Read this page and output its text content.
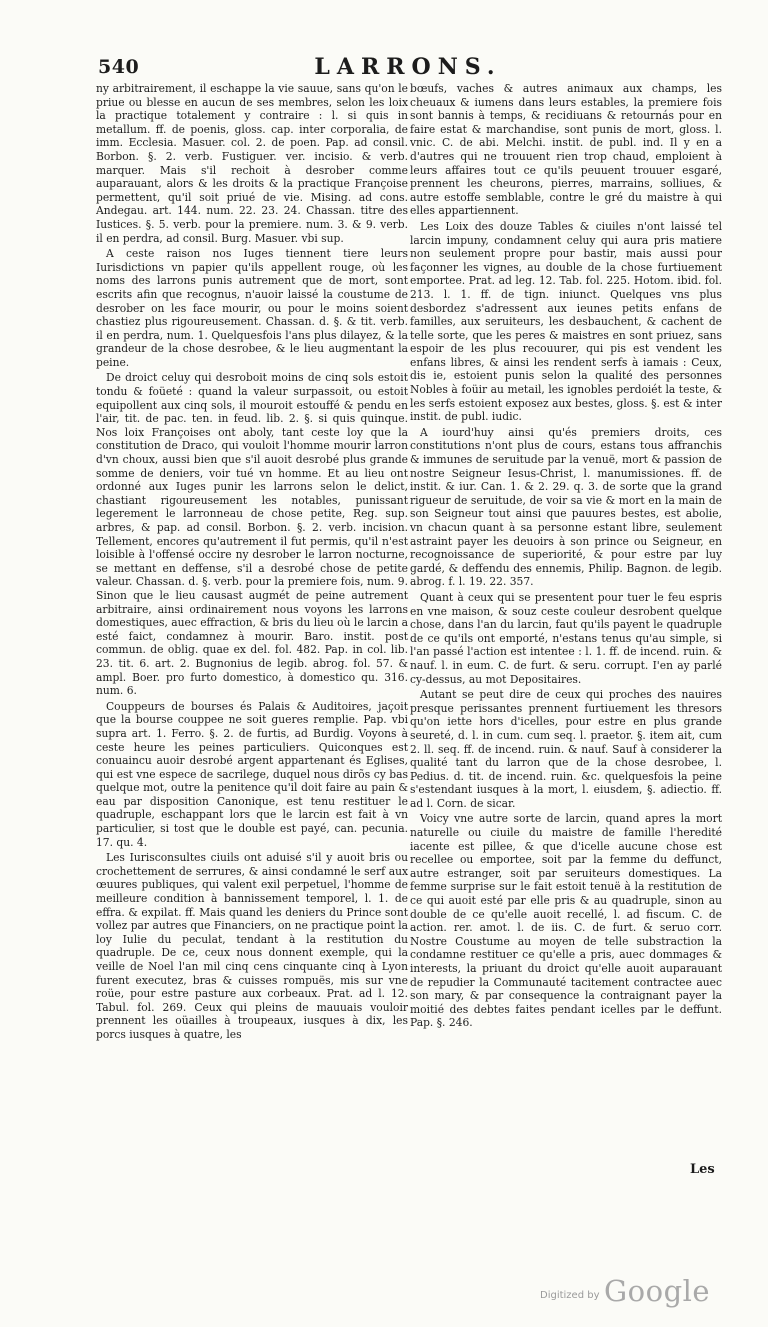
540	LARRONS.

ny arbitrairement, il eschappe la vie sauue, sans qu'on le priue ou blesse en aucun de ses membres, selon les loix la practique totalement y contraire : l. si quis in metallum. ff. de poenis, gloss. cap. inter corporalia, de imm. Ecclesia. Masuer. col. 2. de poen. Pap. ad consil. Borbon. §. 2. verb. Fustiguer. ver. incisio. & verb. marquer. Mais s'il rechoit à desrober comme auparauant, alors & les droits & la practique Françoise permettent, qu'il soit priué de vie. Mising. ad cons. Andegau. art. 144. num. 22. 23. 24. Chassan. titre des Iustices. §. 5. verb. pour la premiere. num. 3. & 9. verb. il en perdra, ad consil. Burg. Masuer. vbi sup.

A ceste raison nos Iuges tiennent tiere leurs Iurisdictions vn papier qu'ils appellent rouge, où les noms des larrons punis autrement que de mort, sont escrits afin que recognus, n'auoir laissé la coustume de desrober on les face mourir, ou pour le moins soient chastiez plus rigoureusement. Chassan. d. §. & tit. verb. il en perdra, num. 1. Quelquesfois l'ans plus dilayez, & la grandeur de la chose desrobee, & le lieu augmentant la peine.

De droict celuy qui desroboit moins de cinq sols estoit tondu & foüeté : quand la valeur surpassoit, ou estoit equipollent aux cinq sols, il mouroit estouffé & pendu en l'air, tit. de pac. ten. in feud. lib. 2. §. si quis quinque. Nos loix Françoises ont aboly, tant ceste loy que la constitution de Draco, qui vouloit l'homme mourir larron d'vn choux, aussi bien que s'il auoit desrobé plus grande somme de deniers, voir tué vn homme. Et au lieu ont ordonné aux Iuges punir les larrons selon le delict, chastiant rigoureusement les notables, punissant legerement le larronneau de chose petite, Reg. sup. arbres, & pap. ad consil. Borbon. §. 2. verb. incision. Tellement, encores qu'autrement il fut permis, qu'il n'est loisible à l'offensé occire ny desrober le larron nocturne, se mettant en deffense, s'il a desrobé chose de petite valeur. Chassan. d. §. verb. pour la premiere fois, num. 9. Sinon que le lieu causast augmét de peine autrement arbitraire, ainsi ordinairement nous voyons les larrons domestiques, auec effraction, & bris du lieu où le larcin a esté faict, condamnez à mourir. Baro. instit. post commun. de oblig. quae ex del. fol. 482. Pap. in col. lib. 23. tit. 6. art. 2. Bugnonius de legib. abrog. fol. 57. & ampl. Boer. pro furto domestico, à domestico qu. 316. num. 6.

Couppeurs de bourses és Palais & Auditoires, jaçoit que la bourse couppee ne soit gueres remplie. Pap. vbi supra art. 1. Ferro. §. 2. de furtis, ad Burdig. Voyons à ceste heure les peines particuliers. Quiconques est conuaincu auoir desrobé argent appartenant és Eglises, qui est vne espece de sacrilege, duquel nous dirõs cy bas quelque mot, outre la penitence qu'il doit faire au pain & eau par disposition Canonique, est tenu restituer le quadruple, eschappant lors que le larcin est fait à vn particulier, si tost que le double est payé, can. pecunia. 17. qu. 4.

Les Iurisconsultes ciuils ont aduisé s'il y auoit bris ou crochettement de serrures, & ainsi condamné le serf aux œuures publiques, qui valent exil perpetuel, l'homme de meilleure condition à bannissement temporel, l. 1. de effra. & expilat. ff. Mais quand les deniers du Prince sont vollez par autres que Financiers, on ne practique point la loy Iulie du peculat, tendant à la restitution du quadruple. De ce, ceux nous donnent exemple, qui la veille de Noel l'an mil cinq cens cinquante cinq à Lyon furent executez, bras & cuisses rompuës, mis sur vne roüe, pour estre pasture aux corbeaux. Prat. ad l. 12. Tabul. fol. 269. Ceux qui pleins de mauuais vouloir prennent les oüailles à troupeaux, iusques à dix, les porcs iusques à quatre, les

bœufs, vaches & autres animaux aux champs, les cheuaux & iumens dans leurs estables, la premiere fois sont bannis à temps, & recidiuans & retournás pour en faire estat & marchandise, sont punis de mort, gloss. l. vnic. C. de abi. Melchi. instit. de publ. ind. Il y en a d'autres qui ne trouuent rien trop chaud, emploient à leurs affaires tout ce qu'ils peuuent trouuer esgaré, prennent les cheurons, pierres, marrains, solliues, & autre estoffe semblable, contre le gré du maistre à qui elles appartiennent.

Les Loix des douze Tables & ciuiles n'ont laissé tel larcin impuny, condamnent celuy qui aura pris matiere non seulement propre pour bastir, mais aussi pour façonner les vignes, au double de la chose furtiuement emportee. Prat. ad leg. 12. Tab. fol. 225. Hotom. ibid. fol. 213. l. 1. ff. de tign. iniunct. Quelques vns plus desbordez s'adressent aux ieunes petits enfans de familles, aux seruiteurs, les desbauchent, & cachent de telle sorte, que les peres & maistres en sont priuez, sans espoir de les plus recouurer, qui pis est vendent les enfans libres, & ainsi les rendent serfs à iamais : Ceux, dis ie, estoient punis selon la qualité des personnes Nobles à foüir au metail, les ignobles perdoiét la teste, & les serfs estoient exposez aux bestes, gloss. §. est & inter instit. de publ. iudic.

A iourd'huy ainsi qu'és premiers droits, ces constitutions n'ont plus de cours, estans tous affranchis & immunes de seruitude par la venuë, mort & passion de nostre Seigneur Iesus-Christ, l. manumissiones. ff. de instit. & iur. Can. 1. & 2. 29. q. 3. de sorte que la grand rigueur de seruitude, de voir sa vie & mort en la main de son Seigneur tout ainsi que pauures bestes, est abolie, vn chacun quant à sa personne estant libre, seulement astraint payer les deuoirs à son prince ou Seigneur, en recognoissance de superiorité, & pour estre par luy gardé, & deffendu des ennemis, Philip. Bagnon. de legib. abrog. f. l. 19. 22. 357.

Quant à ceux qui se presentent pour tuer le feu espris en vne maison, & souz ceste couleur desrobent quelque chose, dans l'an du larcin, faut qu'ils payent le quadruple de ce qu'ils ont emporté, n'estans tenus qu'au simple, si l'an passé l'action est intentee : l. 1. ff. de incend. ruin. & nauf. l. in eum. C. de furt. & seru. corrupt. I'en ay parlé cy-dessus, au mot Depositaires.

Autant se peut dire de ceux qui proches des nauires presque perissantes prennent furtiuement les thresors qu'on iette hors d'icelles, pour estre en plus grande seureté, d. l. in cum. cum seq. l. praetor. §. item ait, cum 2. ll. seq. ff. de incend. ruin. & nauf. Sauf à considerer la qualité tant du larron que de la chose desrobee, l. Pedius. d. tit. de incend. ruin. &c. quelquesfois la peine s'estendant iusques à la mort, l. eiusdem, §. adiectio. ff. ad l. Corn. de sicar.

Voicy vne autre sorte de larcin, quand apres la mort naturelle ou ciuile du maistre de famille l'heredité iacente est pillee, & que d'icelle aucune chose est recellee ou emportee, soit par la femme du deffunct, autre estranger, soit par seruiteurs domestiques. La femme surprise sur le fait estoit tenuë à la restitution de ce qui auoit esté par elle pris & au quadruple, sinon au double de ce qu'elle auoit recellé, l. ad fiscum. C. de action. rer. amot. l. de iis. C. de furt. & seruo corr. Nostre Coustume au moyen de telle substraction la condamne restituer ce qu'elle a pris, auec dommages & interests, la priuant du droict qu'elle auoit auparauant de repudier la Communauté tacitement contractee auec son mary, & par consequence la contraignant payer la moitié des debtes faites pendant icelles par le deffunt. Pap. §. 246.

Les
Digitized by Google
